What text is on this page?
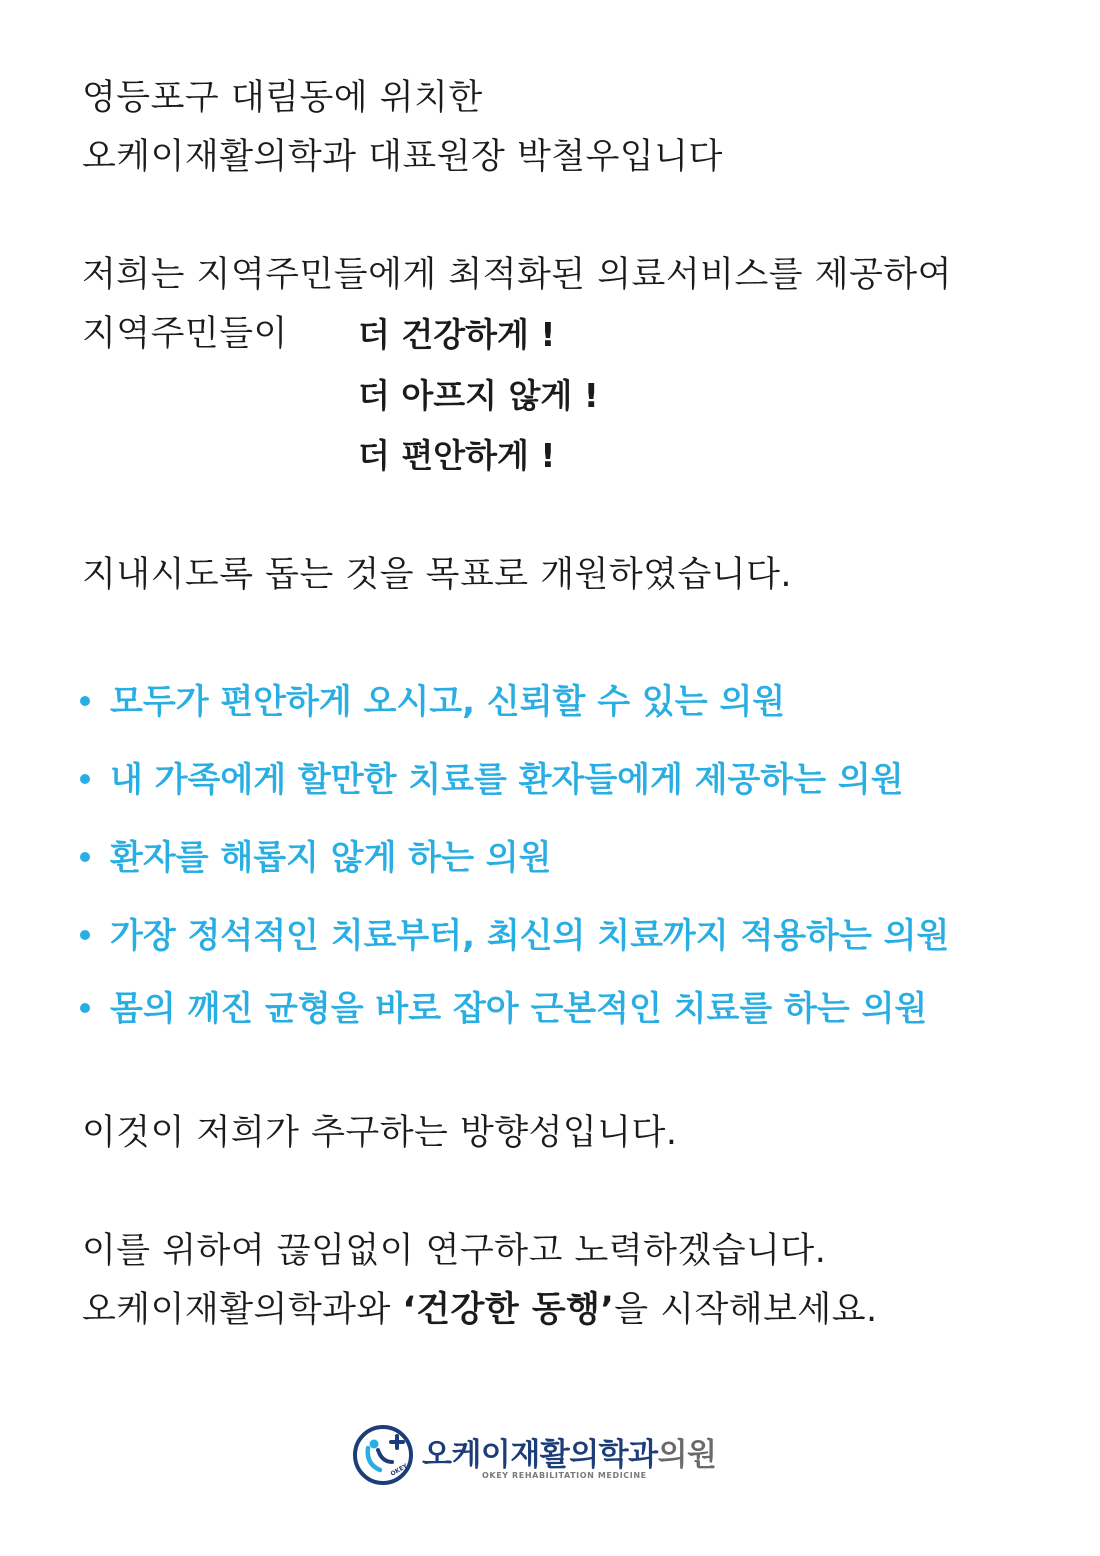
영등포구 대림동에 위치한
오케이재활의학과 대표원장 박철우입니다
저희는 지역주민들에게 최적화된 의료서비스를 제공하여
지역주민들이 더 건강하게 !
더 아프지 않게 !
더 편안하게 !
지내시도록 돕는 것을 목표로 개원하였습니다.
모두가 편안하게 오시고, 신뢰할 수 있는 의원
내 가족에게 할만한 치료를 환자들에게 제공하는 의원
환자를 해롭지 않게 하는 의원
가장 정석적인 치료부터, 최신의 치료까지 적용하는 의원
몸의 깨진 균형을 바로 잡아 근본적인 치료를 하는 의원
이것이 저희가 추구하는 방향성입니다.
이를 위하여 끊임없이 연구하고 노력하겠습니다.
오케이재활의학과와 ‘건강한 동행’을 시작해보세요.
OKEY 오케이재활의학과의원
OKEY REHABILITATION MEDICINE
